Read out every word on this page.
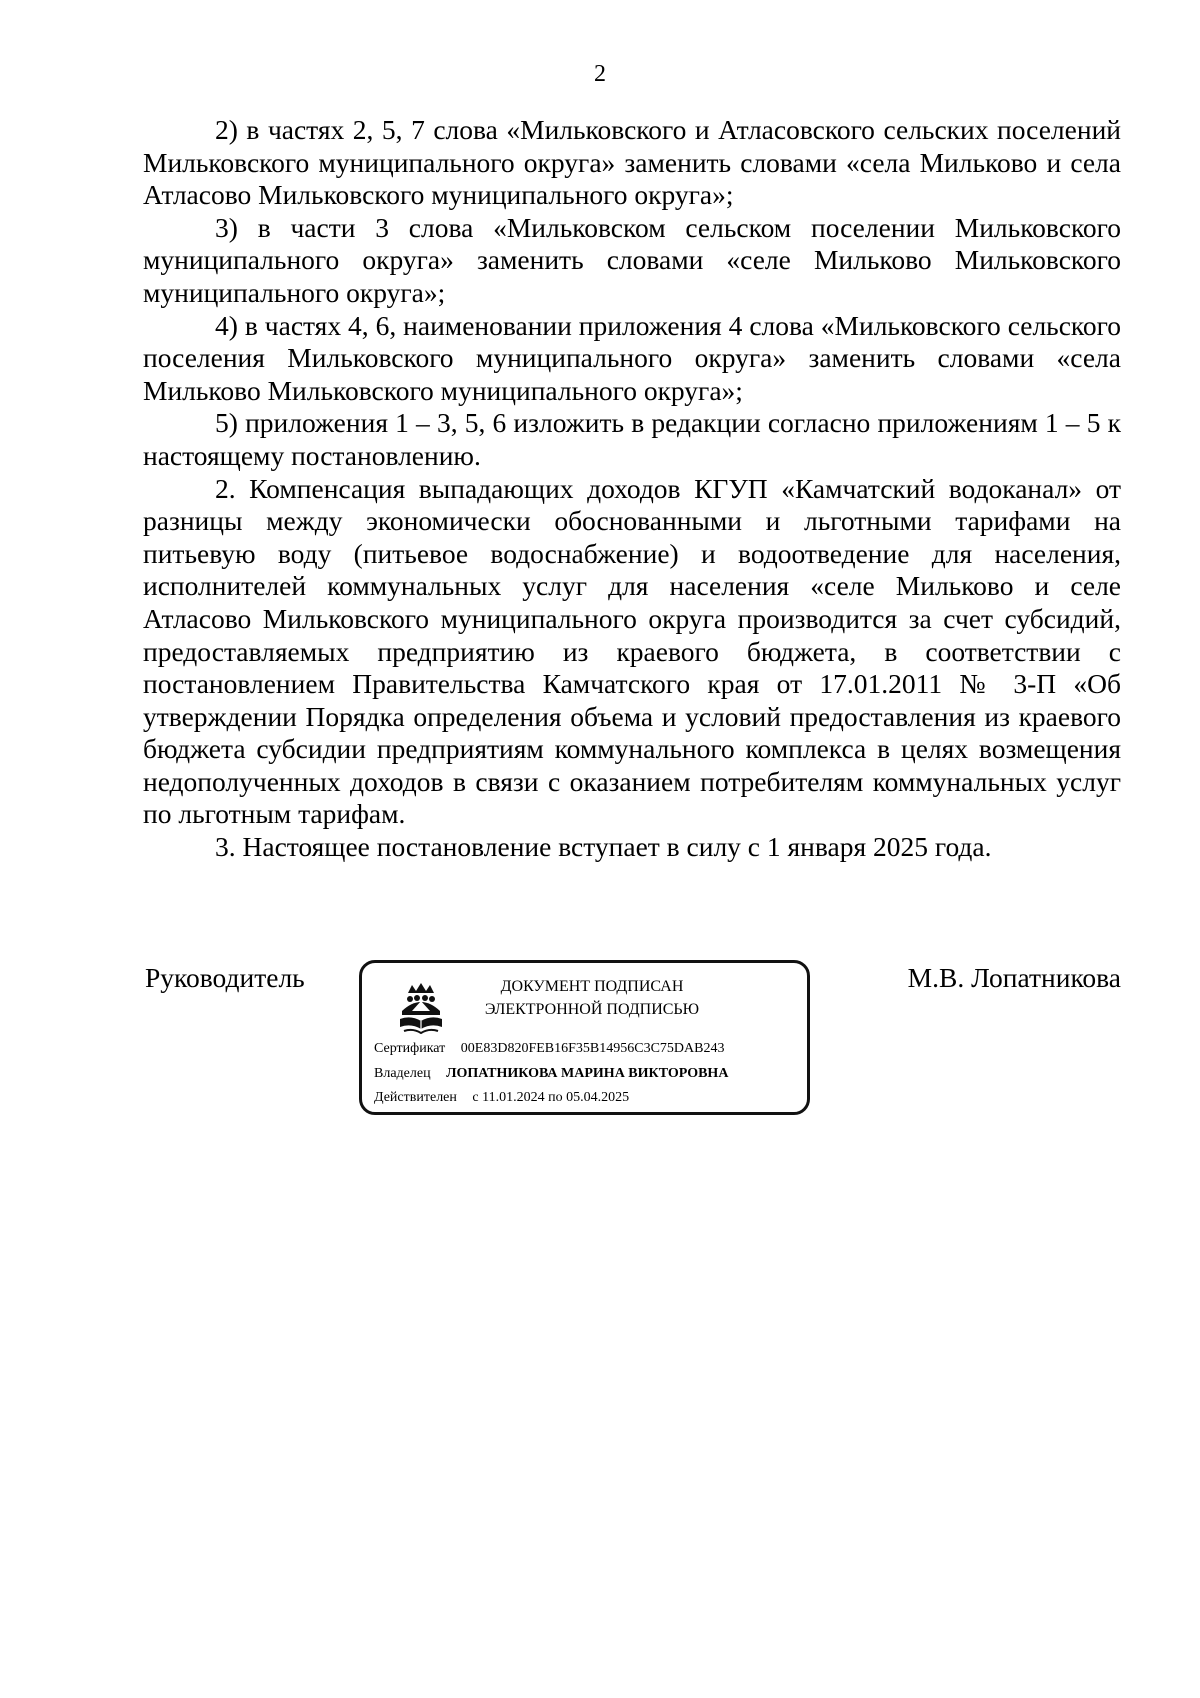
2

2) в частях 2, 5, 7 слова «Мильковского и Атласовского сельских поселений Мильковского муниципального округа» заменить словами «села Мильково и села Атласово Мильковского муниципального округа»;

3) в части 3 слова «Мильковском сельском поселении Мильковского муниципального округа» заменить словами «селе Мильково Мильковского муниципального округа»;

4) в частях 4, 6, наименовании приложения 4 слова «Мильковского сельского поселения Мильковского муниципального округа» заменить словами «села Мильково Мильковского муниципального округа»;

5) приложения 1 – 3, 5, 6 изложить в редакции согласно приложениям 1 – 5 к настоящему постановлению.

2. Компенсация выпадающих доходов КГУП «Камчатский водоканал» от разницы между экономически обоснованными и льготными тарифами на питьевую воду (питьевое водоснабжение) и водоотведение для населения, исполнителей коммунальных услуг для населения «селе Мильково и селе Атласово Мильковского муниципального округа производится за счет субсидий, предоставляемых предприятию из краевого бюджета, в соответствии с постановлением Правительства Камчатского края от 17.01.2011 № 3-П «Об утверждении Порядка определения объема и условий предоставления из краевого бюджета субсидии предприятиям коммунального комплекса в целях возмещения недополученных доходов в связи с оказанием потребителям коммунальных услуг по льготным тарифам.

3. Настоящее постановление вступает в силу с 1 января 2025 года.

Руководитель	М.В. Лопатникова
ДОКУМЕНТ ПОДПИСАН
ЭЛЕКТРОННОЙ ПОДПИСЬЮ
Сертификат 00E83D820FEB16F35B14956C3C75DAB243
Владелец ЛОПАТНИКОВА МАРИНА ВИКТОРОВНА
Действителен с 11.01.2024 по 05.04.2025
